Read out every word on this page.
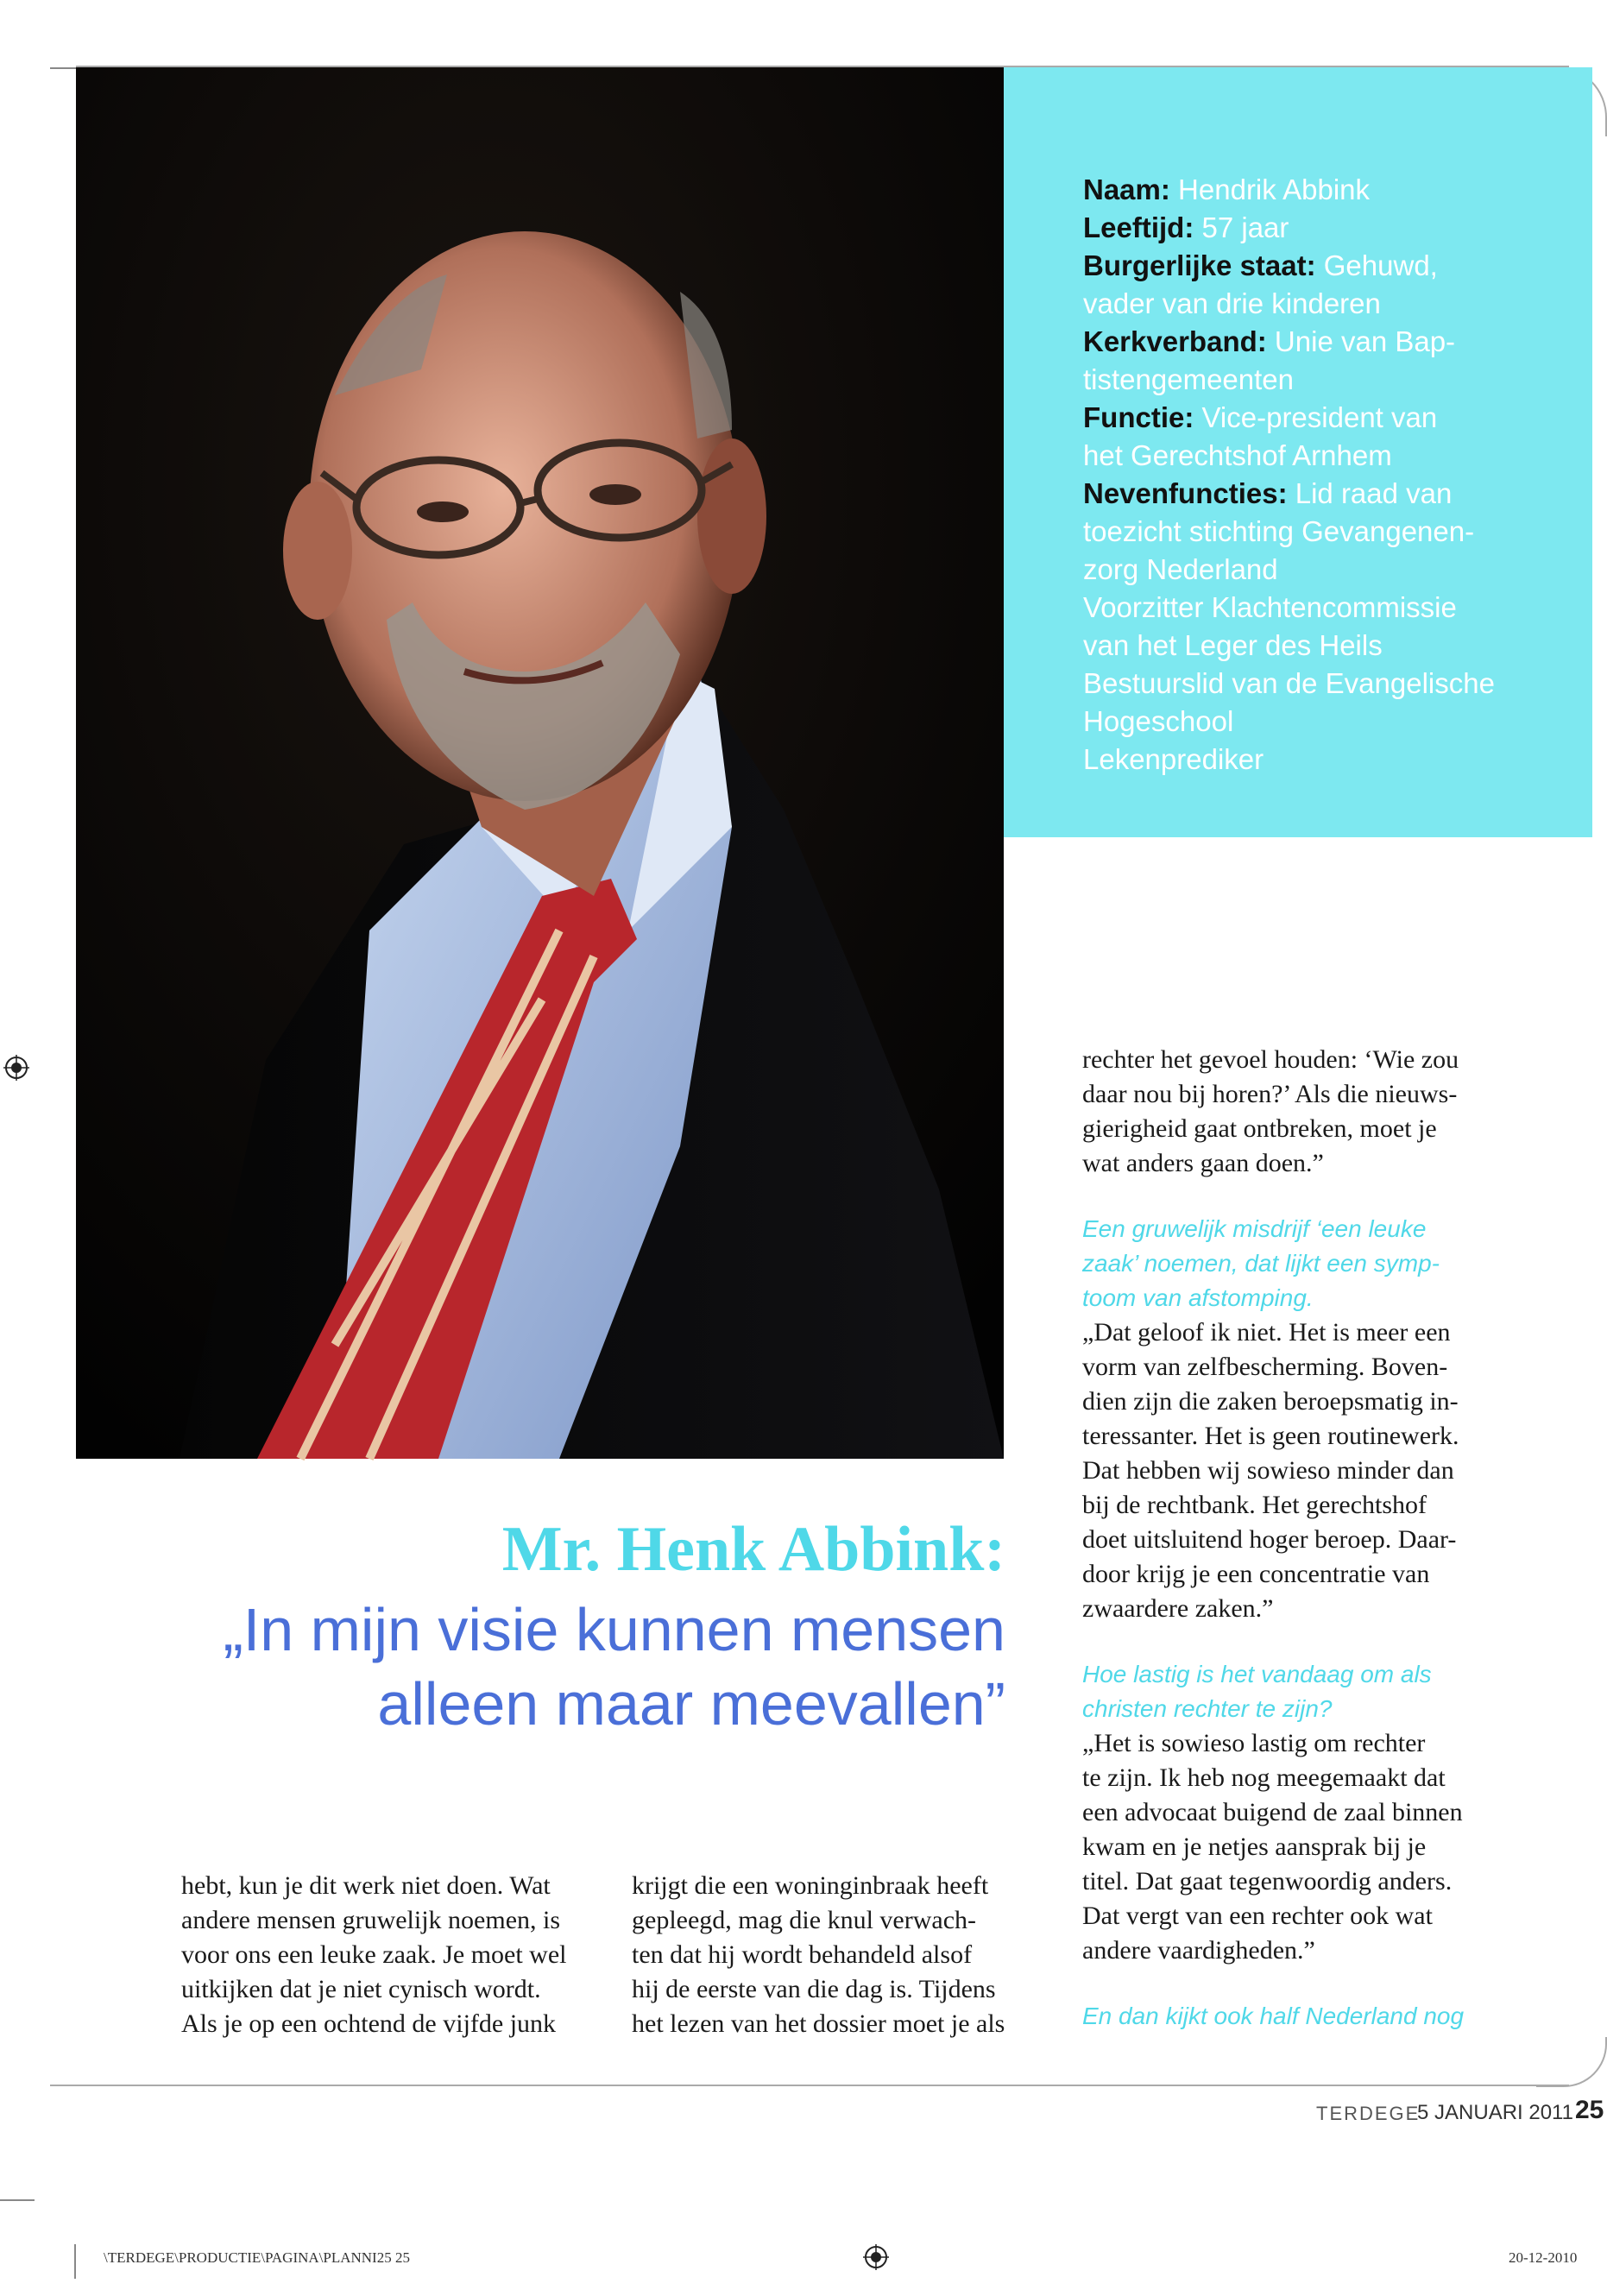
Naam: Hendrik Abbink
Leeftijd: 57 jaar
Burgerlijke staat: Gehuwd,
vader van drie kinderen
Kerkverband: Unie van Bap-
tistengemeenten
Functie: Vice-president van
het Gerechtshof Arnhem
Nevenfuncties: Lid raad van
toezicht stichting Gevangenen-
zorg Nederland
Voorzitter Klachtencommissie
van het Leger des Heils
Bestuurslid van de Evangelische
Hogeschool
Lekenprediker
Mr. Henk Abbink:
„In mijn visie kunnen mensen
alleen maar meevallen”
hebt, kun je dit werk niet doen. Wat
andere mensen gruwelijk noemen, is
voor ons een leuke zaak. Je moet wel
uitkijken dat je niet cynisch wordt.
Als je op een ochtend de vijfde junk
krijgt die een woninginbraak heeft
gepleegd, mag die knul verwach-
ten dat hij wordt behandeld alsof
hij de eerste van die dag is. Tijdens
het lezen van het dossier moet je als
rechter het gevoel houden: ‘Wie zou
daar nou bij horen?’ Als die nieuws-
gierigheid gaat ontbreken, moet je
wat anders gaan doen.”
Een gruwelijk misdrijf ‘een leuke
zaak’ noemen, dat lijkt een symp-
toom van afstomping.
„Dat geloof ik niet. Het is meer een
vorm van zelfbescherming. Boven-
dien zijn die zaken beroepsmatig in-
teressanter. Het is geen routinewerk.
Dat hebben wij sowieso minder dan
bij de rechtbank. Het gerechtshof
doet uitsluitend hoger beroep. Daar-
door krijg je een concentratie van
zwaardere zaken.”
Hoe lastig is het vandaag om als
christen rechter te zijn?
„Het is sowieso lastig om rechter
te zijn. Ik heb nog meegemaakt dat
een advocaat buigend de zaal binnen
kwam en je netjes aansprak bij je
titel. Dat gaat tegenwoordig anders.
Dat vergt van een rechter ook wat
andere vaardigheden.”
En dan kijkt ook half Nederland nog
TERDEGE
5 JANUARI 2011 25
\TERDEGE\PRODUCTIE\PAGINA\PLANNI25 25	20-12-2010
